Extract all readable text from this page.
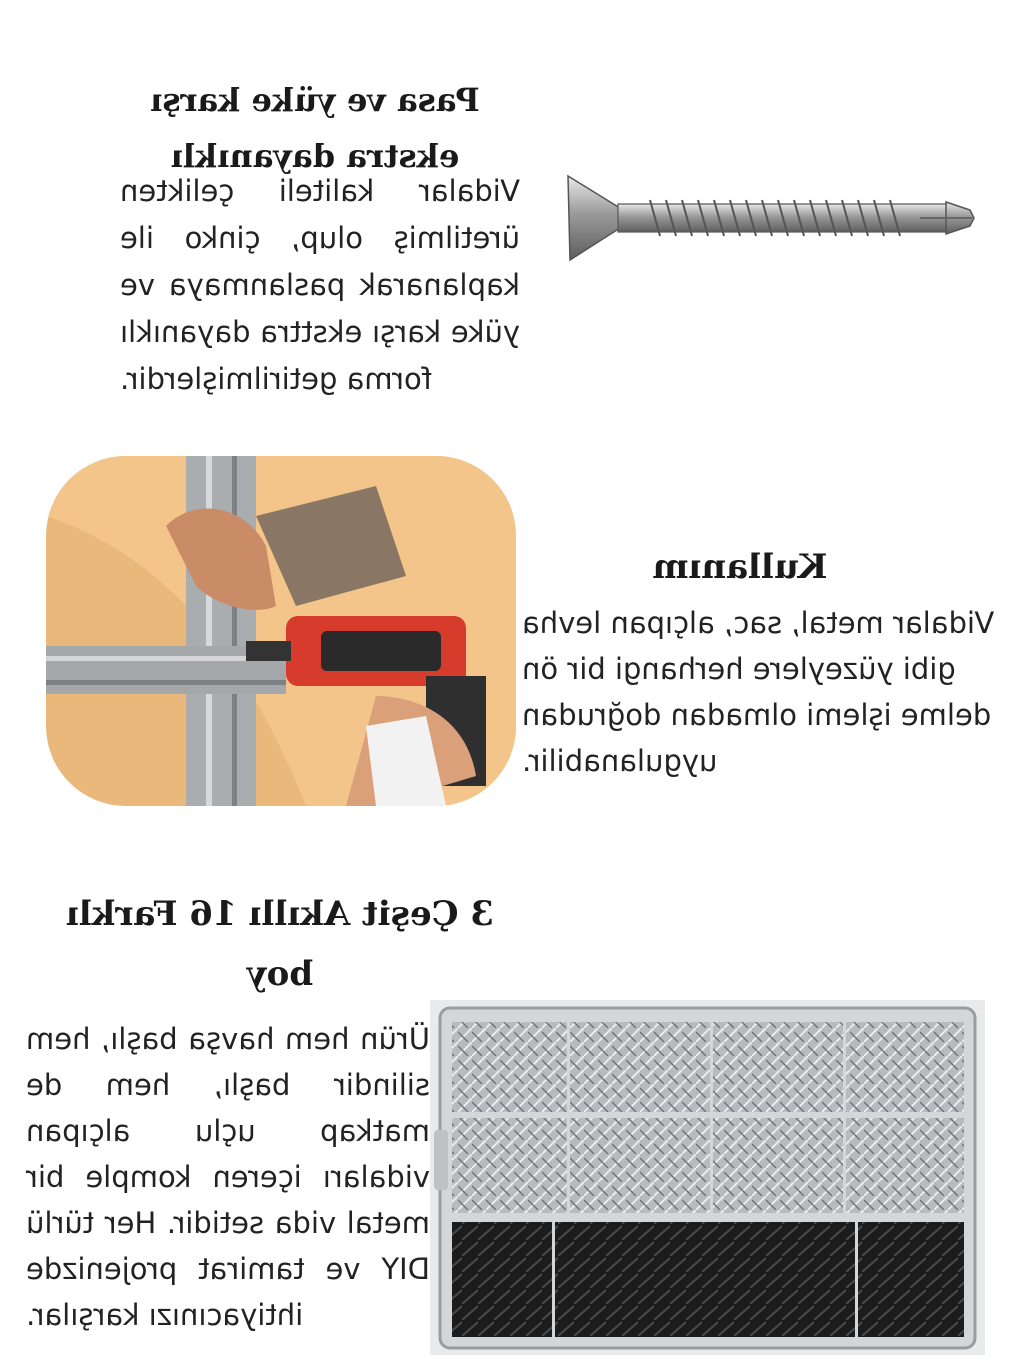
Pasa ve yüke karşı ekstra dayanıklı
Vidalar kaliteli çelikten üretilmiş olup, çinko ile kaplanarak paslanmaya ve yüke karşı eksttra dayanıklı forma getirilmişlerdir.
Kullanım
Vidalar metal, sac, alçıpan levha gibi yüzeylere herhangi bir ön delme işlemi olmadan doğrudan uygulanabilir.
3 Çeşit Akıllı 16 Farklı boy
Ürün hem havşa başlı, hem silindir başlı, hem de matkap uçlu alçıpan vidaları içeren komple bir metal vida setidir. Her türlü DIY ve tamirat projenizde ihtiyacınızı karşılar.
